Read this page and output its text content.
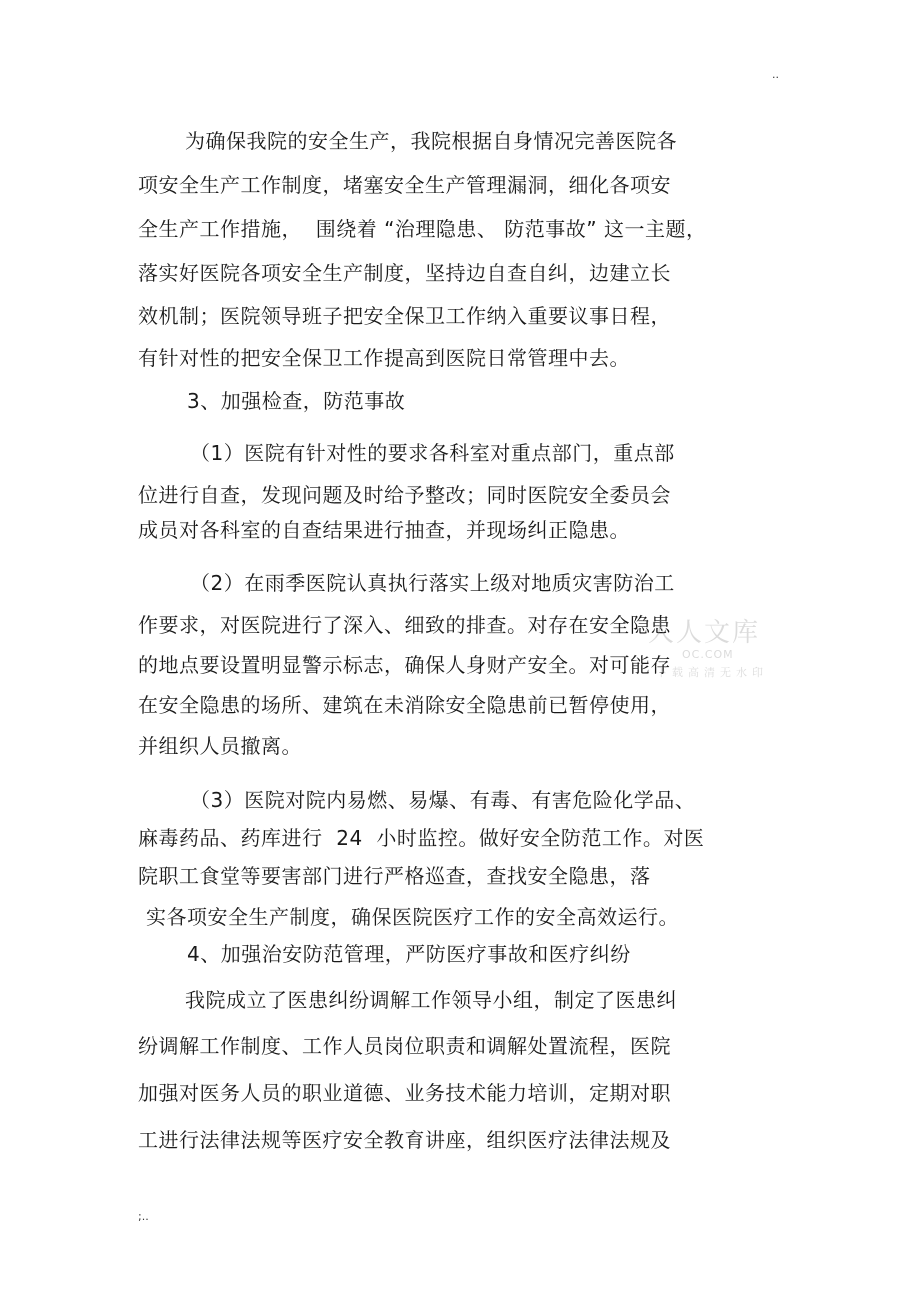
..
为确保我院的安全生产，我院根据自身情况完善医院各
项安全生产工作制度，堵塞安全生产管理漏洞，细化各项安
全生产工作措施，  围绕着 “治理隐患、 防范事故” 这一主题，
落实好医院各项安全生产制度，坚持边自查自纠，边建立长
效机制；医院领导班子把安全保卫工作纳入重要议事日程，
有针对性的把安全保卫工作提高到医院日常管理中去。
3、加强检查，防范事故
（1）医院有针对性的要求各科室对重点部门，重点部
位进行自查，发现问题及时给予整改；同时医院安全委员会
成员对各科室的自查结果进行抽查，并现场纠正隐患。
（2）在雨季医院认真执行落实上级对地质灾害防治工
作要求，对医院进行了深入、细致的排查。对存在安全隐患
的地点要设置明显警示标志，确保人身财产安全。对可能存
在安全隐患的场所、建筑在未消除安全隐患前已暂停使用，
并组织人员撤离。
（3）医院对院内易燃、易爆、有毒、有害危险化学品、
麻毒药品、药库进行  24  小时监控。做好安全防范工作。对医
院职工食堂等要害部门进行严格巡查，查找安全隐患，落
实各项安全生产制度，确保医院医疗工作的安全高效运行。
4、加强治安防范管理，严防医疗事故和医疗纠纷
我院成立了医患纠纷调解工作领导小组，制定了医患纠
纷调解工作制度、工作人员岗位职责和调解处置流程，医院
加强对医务人员的职业道德、业务技术能力培训，定期对职
工进行法律法规等医疗安全教育讲座，组织医疗法律法规及
;..
人人文库
OC.COM
下载高清无水印
